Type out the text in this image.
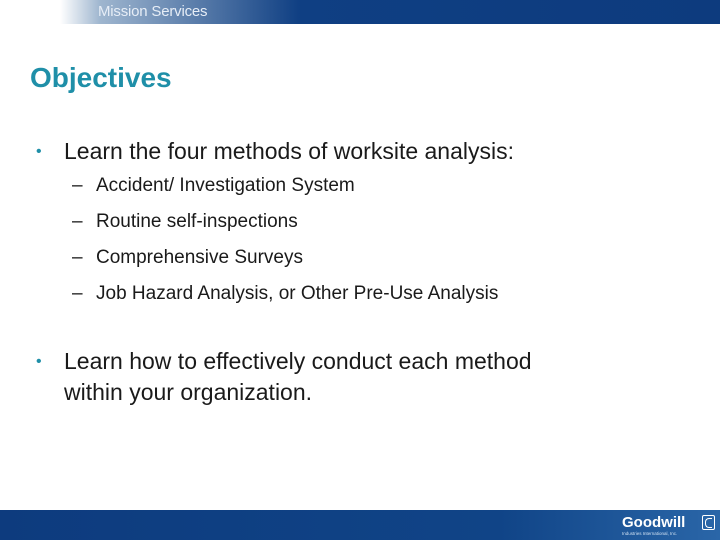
Mission Services
Objectives
• Learn the four methods of worksite analysis:
– Accident/ Investigation System
– Routine self-inspections
– Comprehensive Surveys
– Job Hazard Analysis, or Other Pre-Use Analysis
• Learn how to effectively conduct each method
within your organization.
Goodwill
Industries International, Inc.
